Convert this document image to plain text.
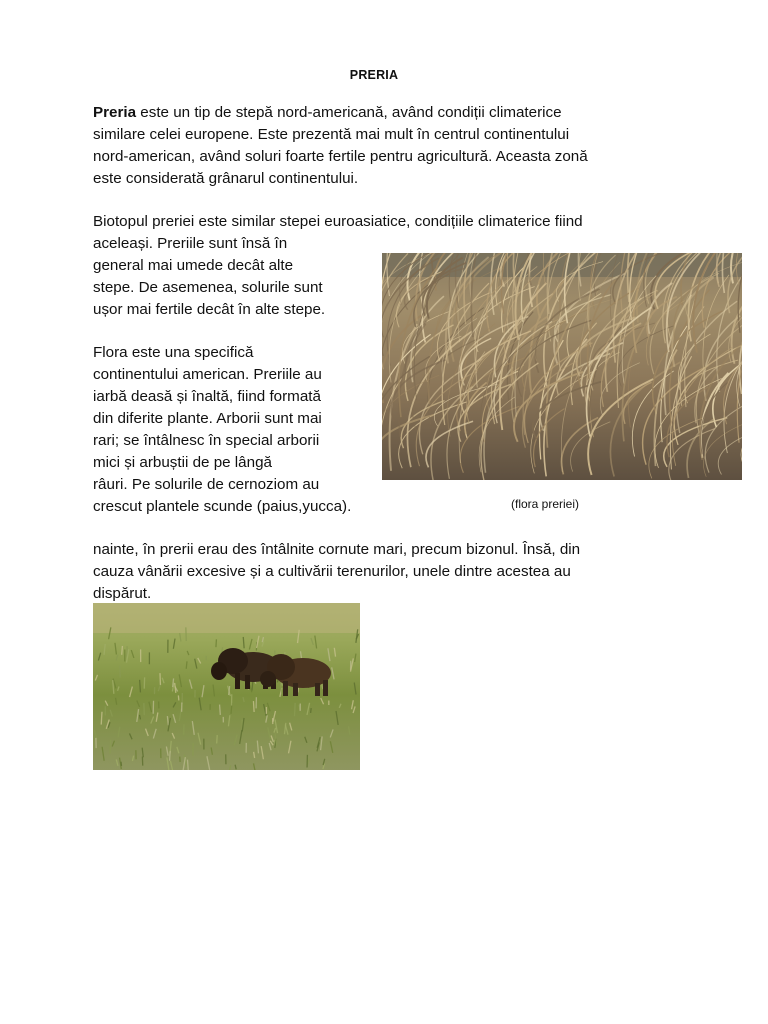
PRERIA
Preria este un tip de stepă nord-americană, având condiții climaterice
similare celei europene. Este prezentă mai mult în centrul continentului
nord-american, având soluri foarte fertile pentru agricultură. Aceasta zonă
este considerată grânarul continentului.
Biotopul preriei este similar stepei euroasiatice, condițiile climaterice fiind
aceleași. Preriile sunt însă în
general mai umede decât alte
stepe. De asemenea, solurile sunt
ușor mai fertile decât în alte stepe.
Flora este una specifică
continentului american. Preriile au
iarbă deasă și înaltă, fiind formată
din diferite plante. Arborii sunt mai
rari; se întâlnesc în special arborii
mici și arbuștii de pe lângă
râuri. Pe solurile de cernoziom au
crescut plantele scunde (paius,yucca).	(flora preriei)
nainte, în prerii erau des întâlnite cornute mari, precum bizonul. Însă, din
cauza vânării excesive și a cultivării terenurilor, unele dintre acestea au
dispărut.
